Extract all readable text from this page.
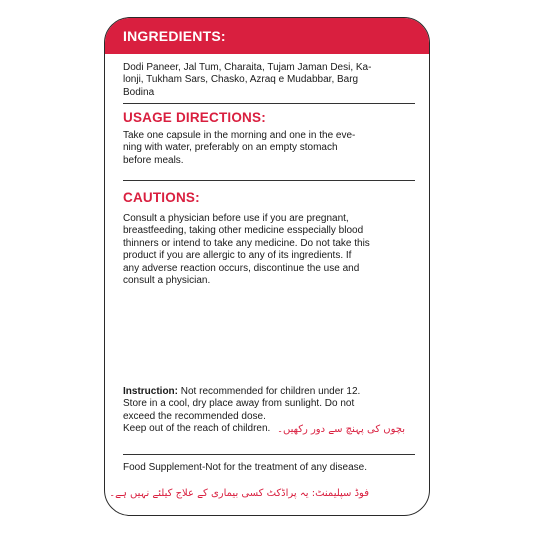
INGREDIENTS:
Dodi Paneer, Jal Tum, Charaita, Tujam Jaman Desi, Ka-
lonji, Tukham Sars, Chasko, Azraq e Mudabbar, Barg
Bodina
USAGE DIRECTIONS:
Take one capsule in the morning and one in the eve-
ning with water, preferably on an empty stomach
before meals.
CAUTIONS:
Consult a physician before use if you are pregnant,
breastfeeding, taking other medicine esspecially blood
thinners or intend to take any medicine. Do not take this
product if you are allergic to any of its ingredients. If
any adverse reaction occurs, discontinue the use and
consult a physician.
Instruction: Not recommended for children under 12.
Store in a cool, dry place away from sunlight. Do not
exceed the recommended dose.
Keep out of the reach of children. بچوں کی پہنچ سے دور رکھیں۔
Food Supplement-Not for the treatment of any disease.
فوڈ سپلیمنٹ: یہ پراڈکٹ کسی بیماری کے علاج کیلئے نہیں ہے۔
